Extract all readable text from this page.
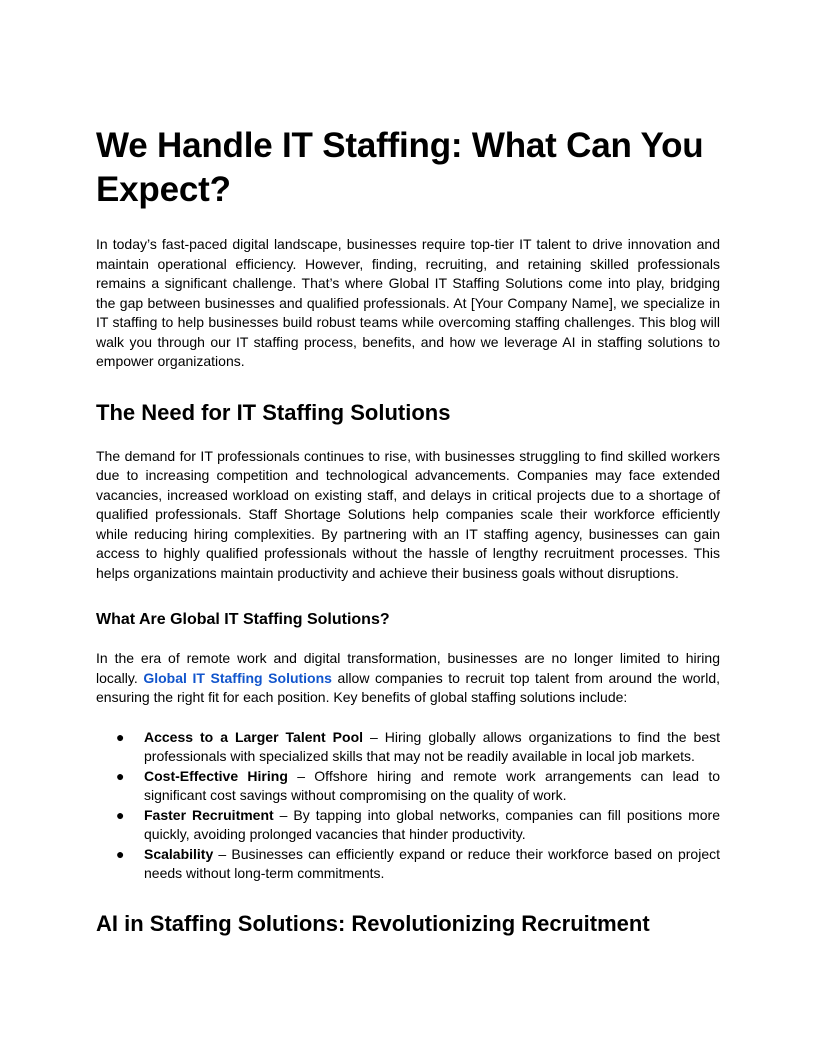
We Handle IT Staffing: What Can You Expect?

In today’s fast-paced digital landscape, businesses require top-tier IT talent to drive innovation and maintain operational efficiency. However, finding, recruiting, and retaining skilled professionals remains a significant challenge. That’s where Global IT Staffing Solutions come into play, bridging the gap between businesses and qualified professionals. At [Your Company Name], we specialize in IT staffing to help businesses build robust teams while overcoming staffing challenges. This blog will walk you through our IT staffing process, benefits, and how we leverage AI in staffing solutions to empower organizations.

The Need for IT Staffing Solutions

The demand for IT professionals continues to rise, with businesses struggling to find skilled workers due to increasing competition and technological advancements. Companies may face extended vacancies, increased workload on existing staff, and delays in critical projects due to a shortage of qualified professionals. Staff Shortage Solutions help companies scale their workforce efficiently while reducing hiring complexities. By partnering with an IT staffing agency, businesses can gain access to highly qualified professionals without the hassle of lengthy recruitment processes. This helps organizations maintain productivity and achieve their business goals without disruptions.

What Are Global IT Staffing Solutions?

In the era of remote work and digital transformation, businesses are no longer limited to hiring locally. Global IT Staffing Solutions allow companies to recruit top talent from around the world, ensuring the right fit for each position. Key benefits of global staffing solutions include:

● Access to a Larger Talent Pool – Hiring globally allows organizations to find the best professionals with specialized skills that may not be readily available in local job markets.
● Cost-Effective Hiring – Offshore hiring and remote work arrangements can lead to significant cost savings without compromising on the quality of work.
● Faster Recruitment – By tapping into global networks, companies can fill positions more quickly, avoiding prolonged vacancies that hinder productivity.
● Scalability – Businesses can efficiently expand or reduce their workforce based on project needs without long-term commitments.
AI in Staffing Solutions: Revolutionizing Recruitment
